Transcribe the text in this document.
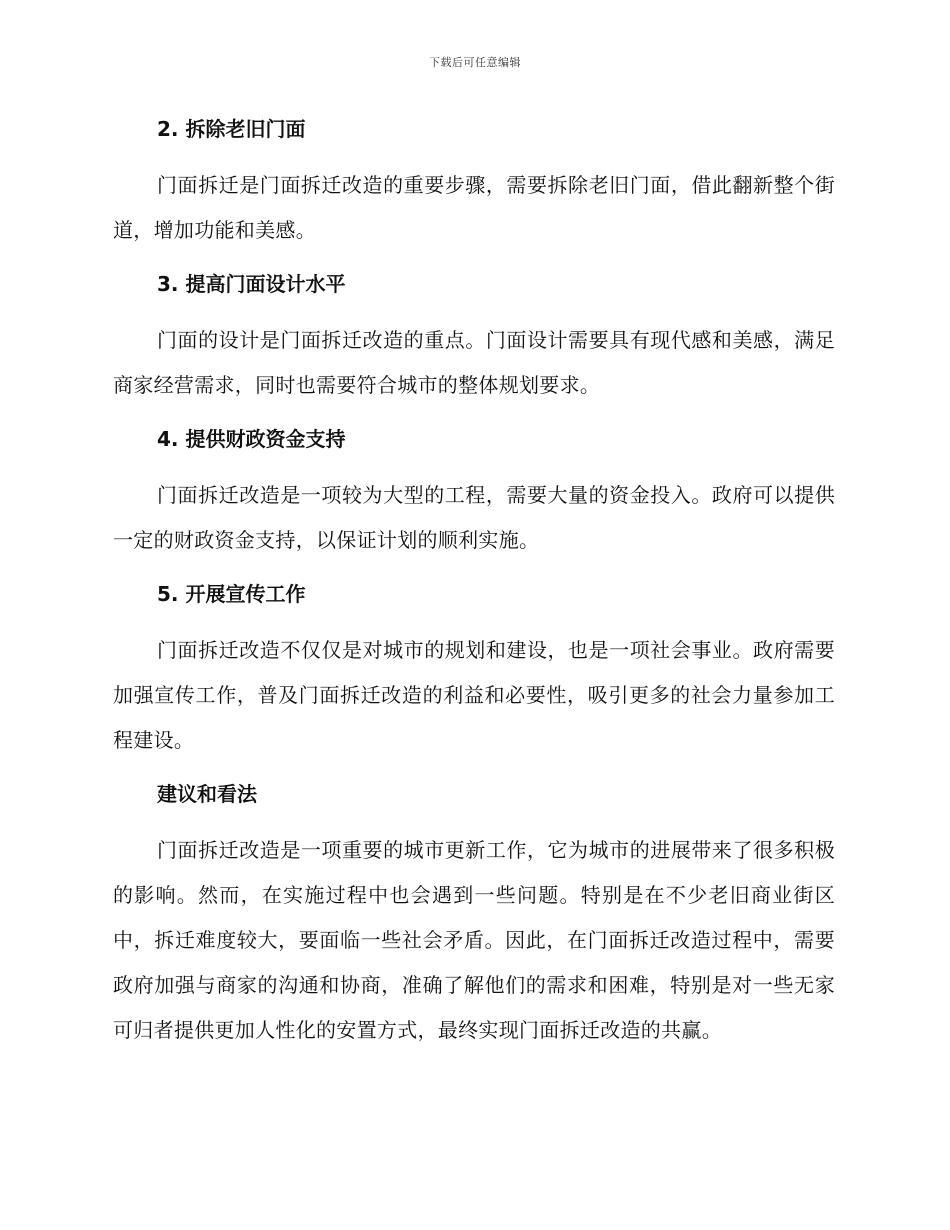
下载后可任意编辑
2. 拆除老旧门面

门面拆迁是门面拆迁改造的重要步骤，需要拆除老旧门面，借此翻新整个街道，增加功能和美感。

3. 提高门面设计水平

门面的设计是门面拆迁改造的重点。门面设计需要具有现代感和美感，满足商家经营需求，同时也需要符合城市的整体规划要求。

4. 提供财政资金支持

门面拆迁改造是一项较为大型的工程，需要大量的资金投入。政府可以提供一定的财政资金支持，以保证计划的顺利实施。

5. 开展宣传工作

门面拆迁改造不仅仅是对城市的规划和建设，也是一项社会事业。政府需要加强宣传工作，普及门面拆迁改造的利益和必要性，吸引更多的社会力量参加工程建设。

建议和看法

门面拆迁改造是一项重要的城市更新工作，它为城市的进展带来了很多积极的影响。然而，在实施过程中也会遇到一些问题。特别是在不少老旧商业街区中，拆迁难度较大，要面临一些社会矛盾。因此，在门面拆迁改造过程中，需要政府加强与商家的沟通和协商，准确了解他们的需求和困难，特别是对一些无家可归者提供更加人性化的安置方式，最终实现门面拆迁改造的共赢。
